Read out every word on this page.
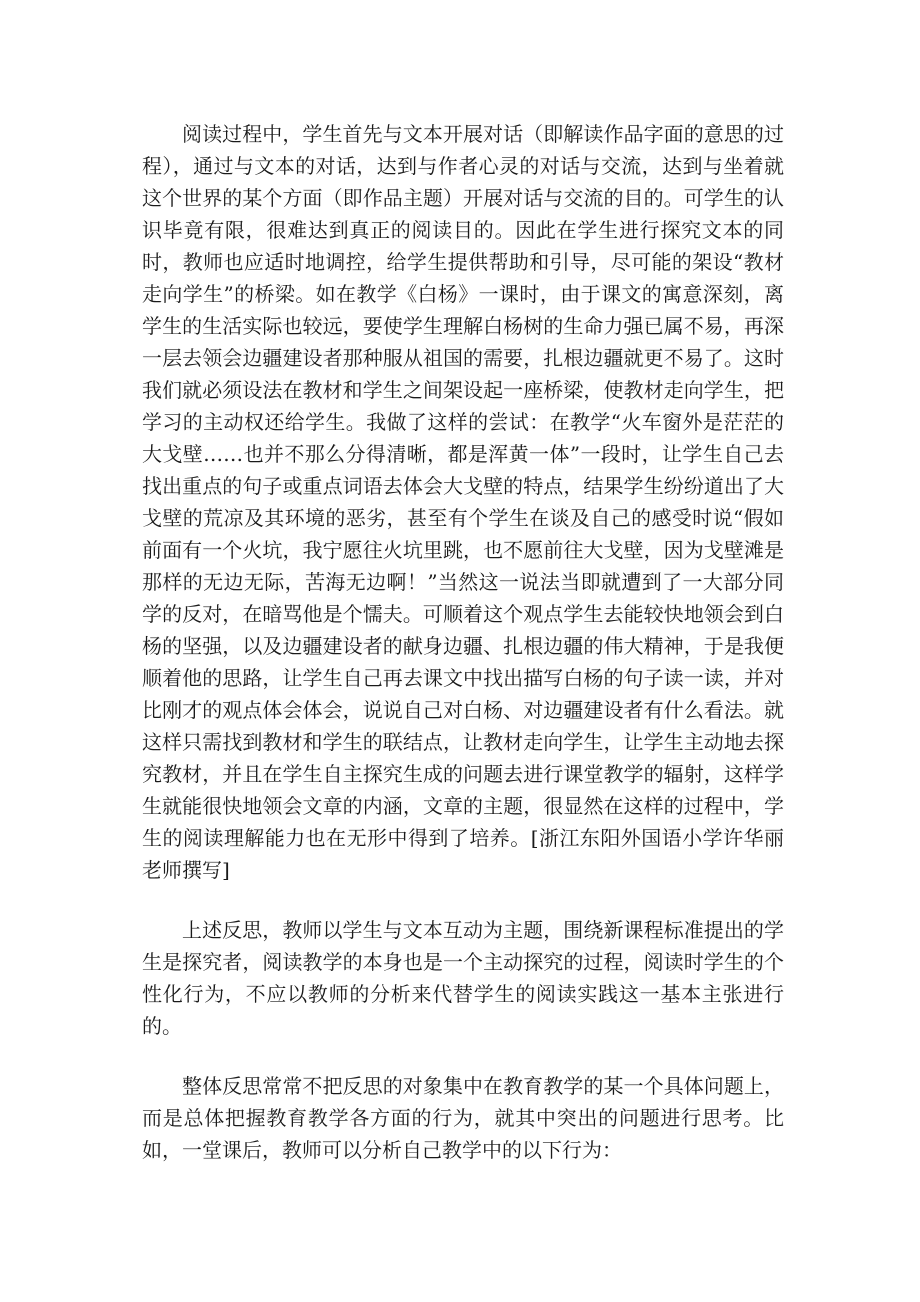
阅读过程中，学生首先与文本开展对话（即解读作品字面的意思的过程），通过与文本的对话，达到与作者心灵的对话与交流，达到与坐着就这个世界的某个方面（即作品主题）开展对话与交流的目的。可学生的认识毕竟有限，很难达到真正的阅读目的。因此在学生进行探究文本的同时，教师也应适时地调控，给学生提供帮助和引导，尽可能的架设“教材走向学生”的桥梁。如在教学《白杨》一课时，由于课文的寓意深刻，离学生的生活实际也较远，要使学生理解白杨树的生命力强已属不易，再深一层去领会边疆建设者那种服从祖国的需要，扎根边疆就更不易了。这时我们就必须设法在教材和学生之间架设起一座桥梁，使教材走向学生，把学习的主动权还给学生。我做了这样的尝试：在教学“火车窗外是茫茫的大戈壁……也并不那么分得清晰，都是浑黄一体”一段时，让学生自己去找出重点的句子或重点词语去体会大戈壁的特点，结果学生纷纷道出了大戈壁的荒凉及其环境的恶劣，甚至有个学生在谈及自己的感受时说“假如前面有一个火坑，我宁愿往火坑里跳，也不愿前往大戈壁，因为戈壁滩是那样的无边无际，苦海无边啊！”当然这一说法当即就遭到了一大部分同学的反对，在暗骂他是个懦夫。可顺着这个观点学生去能较快地领会到白杨的坚强，以及边疆建设者的献身边疆、扎根边疆的伟大精神，于是我便顺着他的思路，让学生自己再去课文中找出描写白杨的句子读一读，并对比刚才的观点体会体会，说说自己对白杨、对边疆建设者有什么看法。就这样只需找到教材和学生的联结点，让教材走向学生，让学生主动地去探究教材，并且在学生自主探究生成的问题去进行课堂教学的辐射，这样学生就能很快地领会文章的内涵，文章的主题，很显然在这样的过程中，学生的阅读理解能力也在无形中得到了培养。[浙江东阳外国语小学许华丽老师撰写]

上述反思，教师以学生与文本互动为主题，围绕新课程标准提出的学生是探究者，阅读教学的本身也是一个主动探究的过程，阅读时学生的个性化行为，不应以教师的分析来代替学生的阅读实践这一基本主张进行的。

整体反思常常不把反思的对象集中在教育教学的某一个具体问题上，而是总体把握教育教学各方面的行为，就其中突出的问题进行思考。比如，一堂课后，教师可以分析自己教学中的以下行为：
